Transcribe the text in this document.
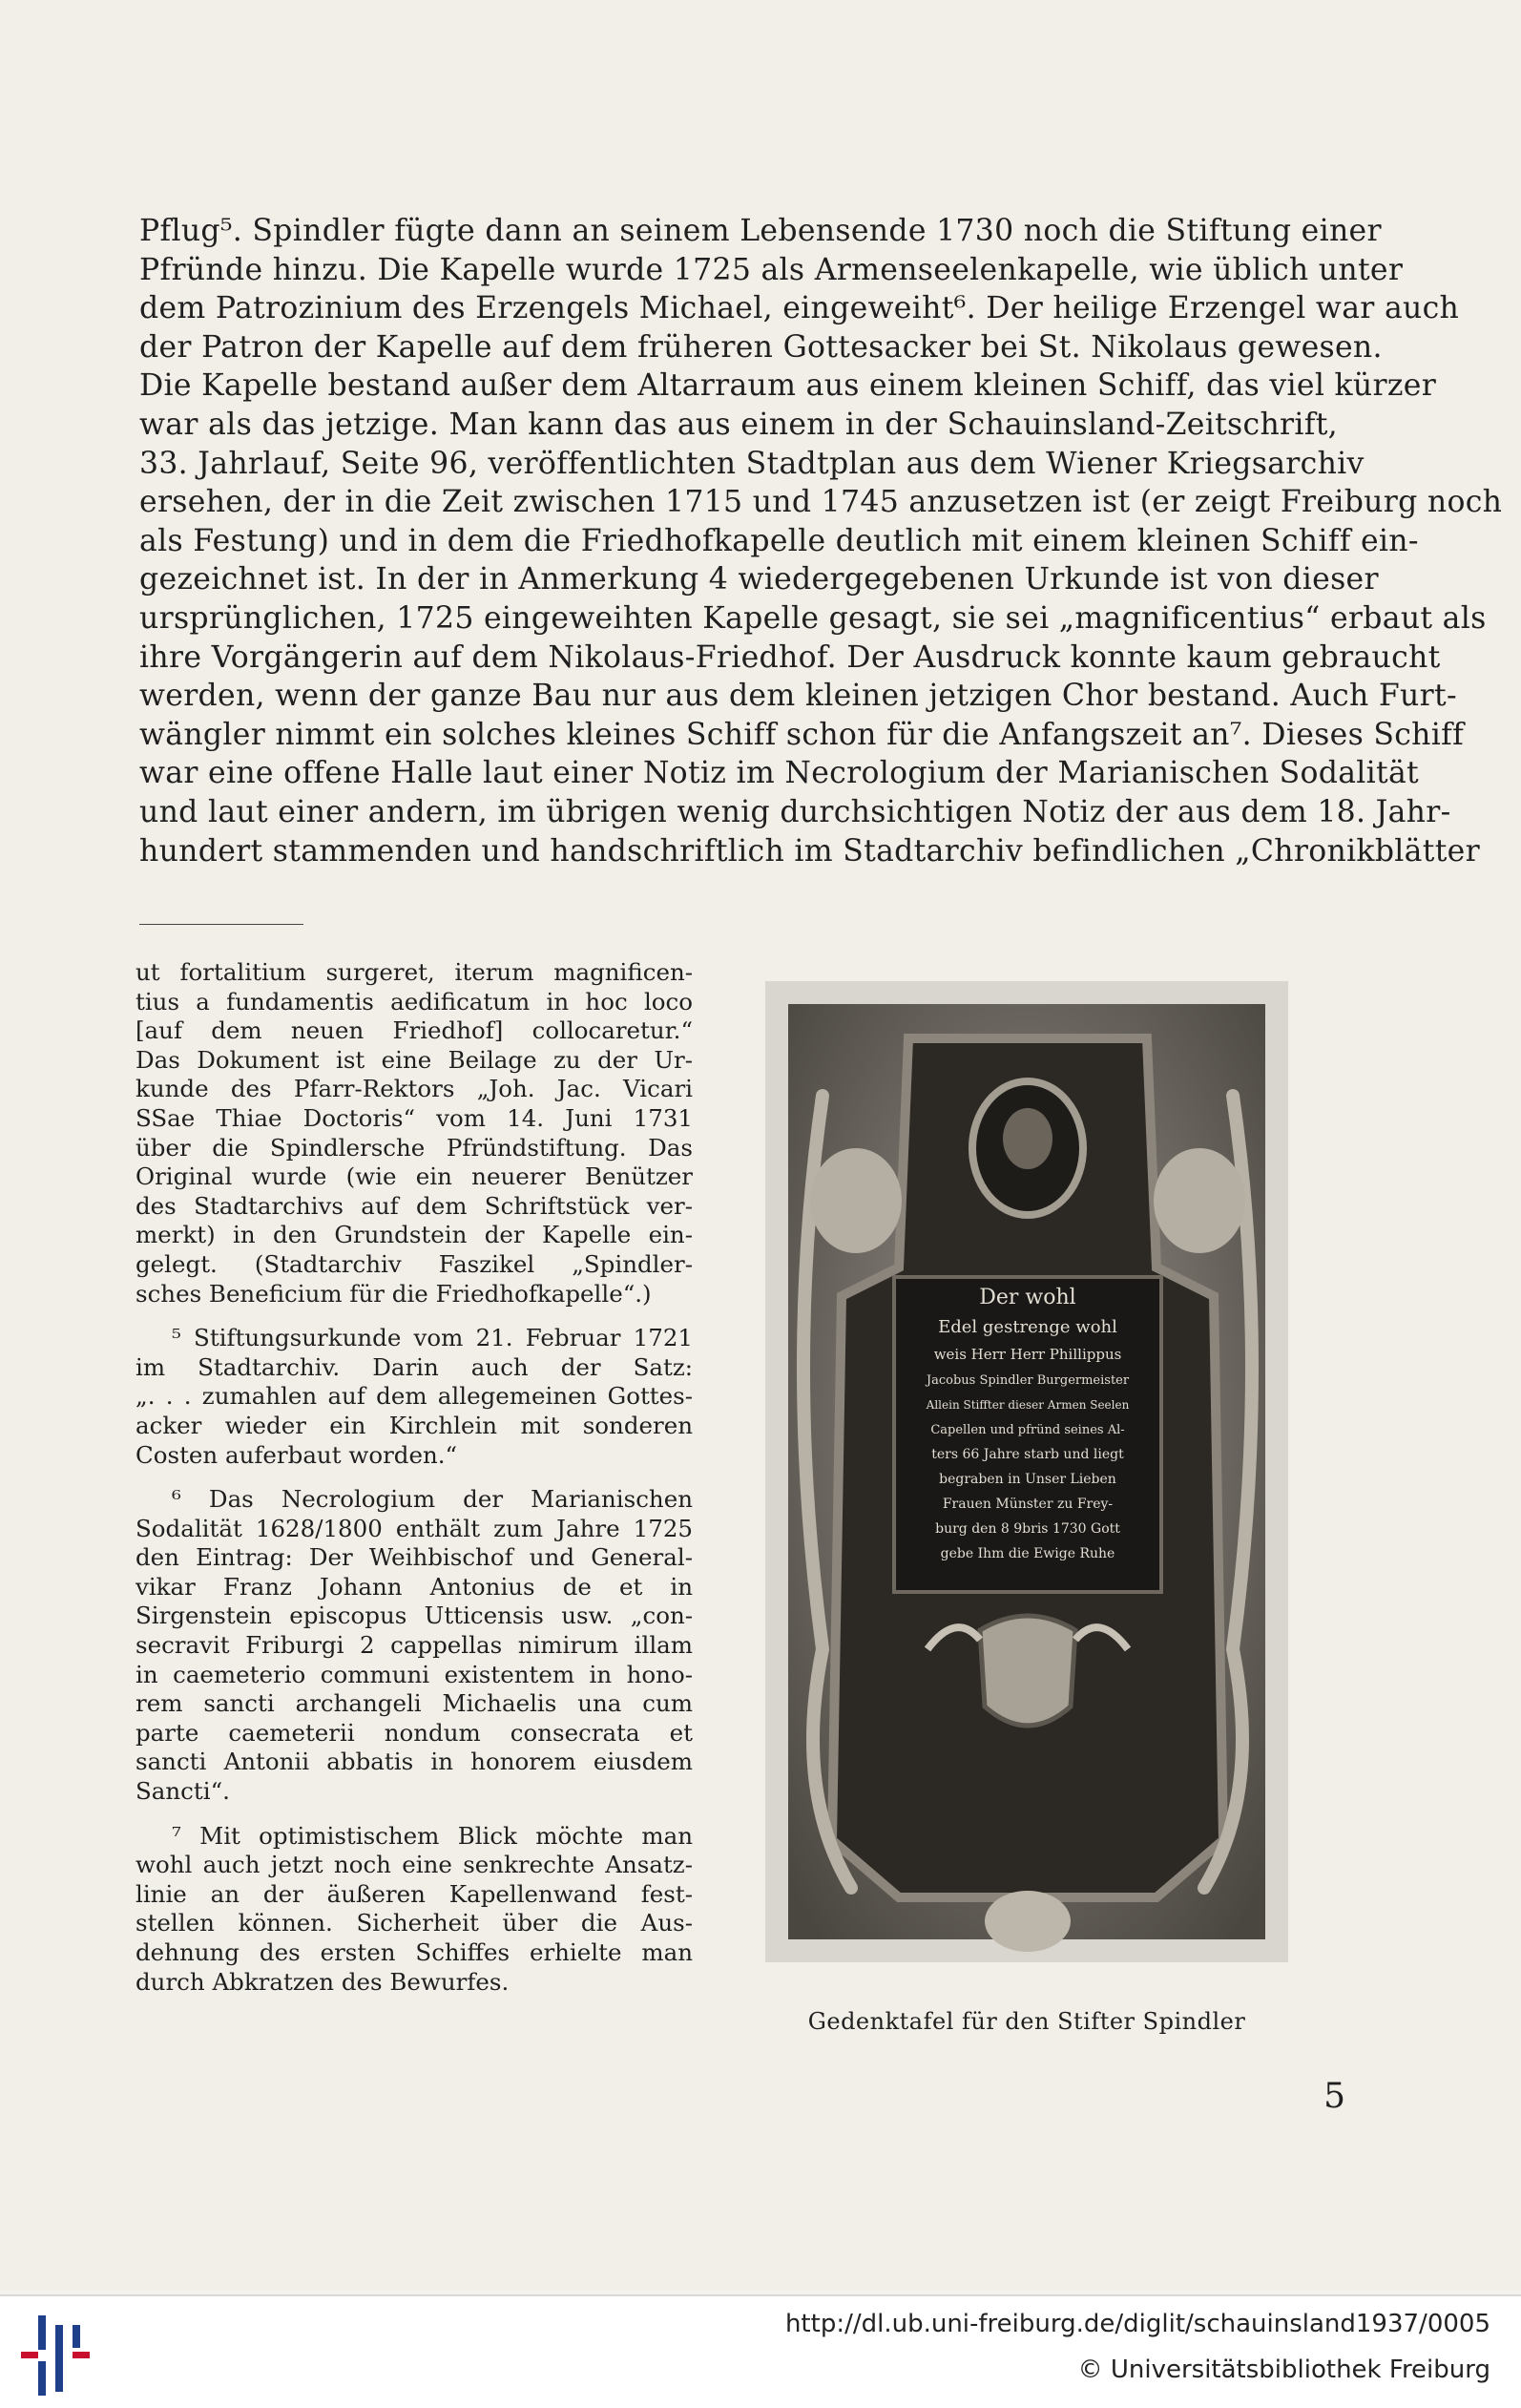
Pflug⁵. Spindler fügte dann an seinem Lebensende 1730 noch die Stiftung einer
Pfründe hinzu. Die Kapelle wurde 1725 als Armenseelenkapelle, wie üblich unter
dem Patrozinium des Erzengels Michael, eingeweiht⁶. Der heilige Erzengel war auch
der Patron der Kapelle auf dem früheren Gottesacker bei St. Nikolaus gewesen.
Die Kapelle bestand außer dem Altarraum aus einem kleinen Schiff, das viel kürzer
war als das jetzige. Man kann das aus einem in der Schauinsland-Zeitschrift,
33. Jahrlauf, Seite 96, veröffentlichten Stadtplan aus dem Wiener Kriegsarchiv
ersehen, der in die Zeit zwischen 1715 und 1745 anzusetzen ist (er zeigt Freiburg noch
als Festung) und in dem die Friedhofkapelle deutlich mit einem kleinen Schiff ein-
gezeichnet ist. In der in Anmerkung 4 wiedergegebenen Urkunde ist von dieser
ursprünglichen, 1725 eingeweihten Kapelle gesagt, sie sei „magnificentius“ erbaut als
ihre Vorgängerin auf dem Nikolaus-Friedhof. Der Ausdruck konnte kaum gebraucht
werden, wenn der ganze Bau nur aus dem kleinen jetzigen Chor bestand. Auch Furt-
wängler nimmt ein solches kleines Schiff schon für die Anfangszeit an⁷. Dieses Schiff
war eine offene Halle laut einer Notiz im Necrologium der Marianischen Sodalität
und laut einer andern, im übrigen wenig durchsichtigen Notiz der aus dem 18. Jahr-
hundert stammenden und handschriftlich im Stadtarchiv befindlichen „Chronikblätter
ut fortalitium surgeret, iterum magnificen-
tius a fundamentis aedificatum in hoc loco
[auf dem neuen Friedhof] collocaretur.“
Das Dokument ist eine Beilage zu der Ur-
kunde des Pfarr-Rektors „Joh. Jac. Vicari
SSae Thiae Doctoris“ vom 14. Juni 1731
über die Spindlersche Pfründstiftung. Das
Original wurde (wie ein neuerer Benützer
des Stadtarchivs auf dem Schriftstück ver-
merkt) in den Grundstein der Kapelle ein-
gelegt. (Stadtarchiv Faszikel „Spindler-
sches Beneficium für die Friedhofkapelle“.)
⁵ Stiftungsurkunde vom 21. Februar 1721
im Stadtarchiv. Darin auch der Satz:
„. . . zumahlen auf dem allegemeinen Gottes-
acker wieder ein Kirchlein mit sonderen
Costen auferbaut worden.“
⁶ Das Necrologium der Marianischen
Sodalität 1628/1800 enthält zum Jahre 1725
den Eintrag: Der Weihbischof und General-
vikar Franz Johann Antonius de et in
Sirgenstein episcopus Utticensis usw. „con-
secravit Friburgi 2 cappellas nimirum illam
in caemeterio communi existentem in hono-
rem sancti archangeli Michaelis una cum
parte caemeterii nondum consecrata et
sancti Antonii abbatis in honorem eiusdem
Sancti“.
⁷ Mit optimistischem Blick möchte man
wohl auch jetzt noch eine senkrechte Ansatz-
linie an der äußeren Kapellenwand fest-
stellen können. Sicherheit über die Aus-
dehnung des ersten Schiffes erhielte man
durch Abkratzen des Bewurfes.
Der wohl
Edel gestrenge wohl
weis Herr Herr Phillippus
Jacobus Spindler Burgermeister
Allein Stiffter dieser Armen Seelen
Capellen und pfründ seines Al-
ters 66 Jahre starb und liegt
begraben in Unser Lieben
Frauen Münster zu Frey-
burg den 8 9bris 1730 Gott
gebe Ihm die Ewige Ruhe
Gedenktafel für den Stifter Spindler
5
http://dl.ub.uni-freiburg.de/diglit/schauinsland1937/0005
© Universitätsbibliothek Freiburg
